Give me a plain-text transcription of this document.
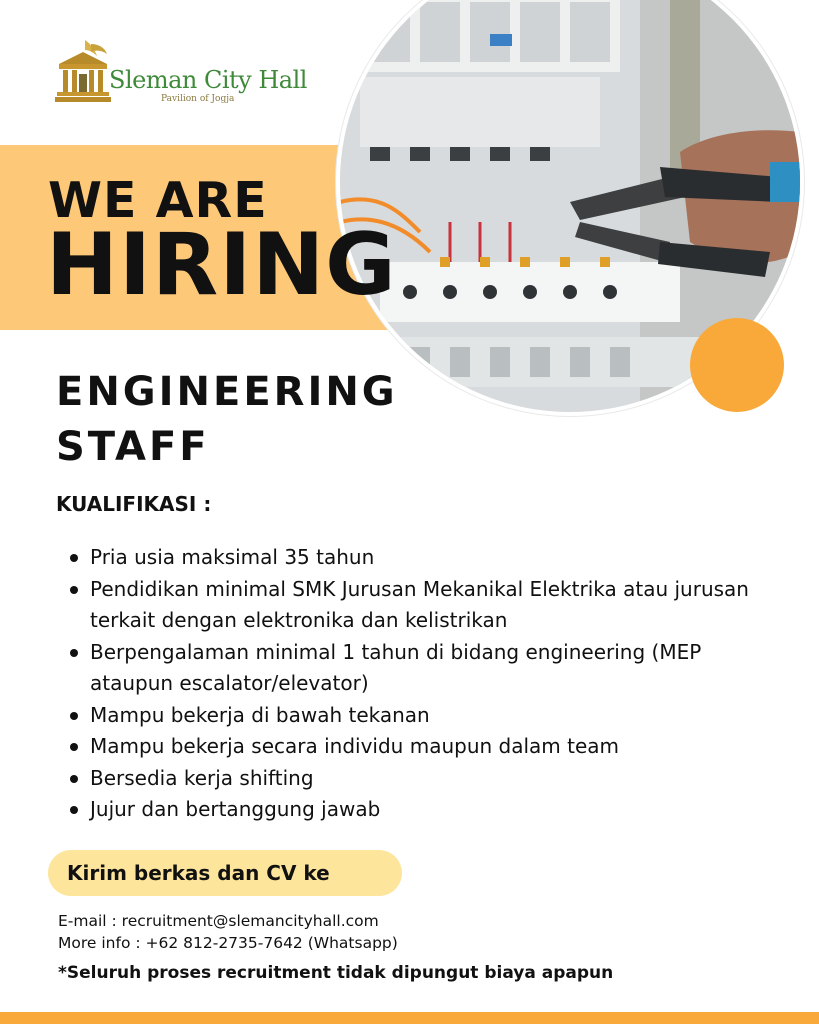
Sleman City Hall
Pavilion of Jogja
WE ARE
HIRING
ENGINEERING
STAFF
KUALIFIKASI :
Pria usia maksimal 35 tahun
Pendidikan minimal SMK Jurusan Mekanikal Elektrika atau jurusan terkait dengan elektronika dan kelistrikan
Berpengalaman minimal 1 tahun di bidang engineering (MEP ataupun escalator/elevator)
Mampu bekerja di bawah tekanan
Mampu bekerja secara individu maupun dalam team
Bersedia kerja shifting
Jujur dan bertanggung jawab
Kirim berkas dan CV ke
E-mail : recruitment@slemancityhall.com
More info : +62 812-2735-7642 (Whatsapp)
*Seluruh proses recruitment tidak dipungut biaya apapun
